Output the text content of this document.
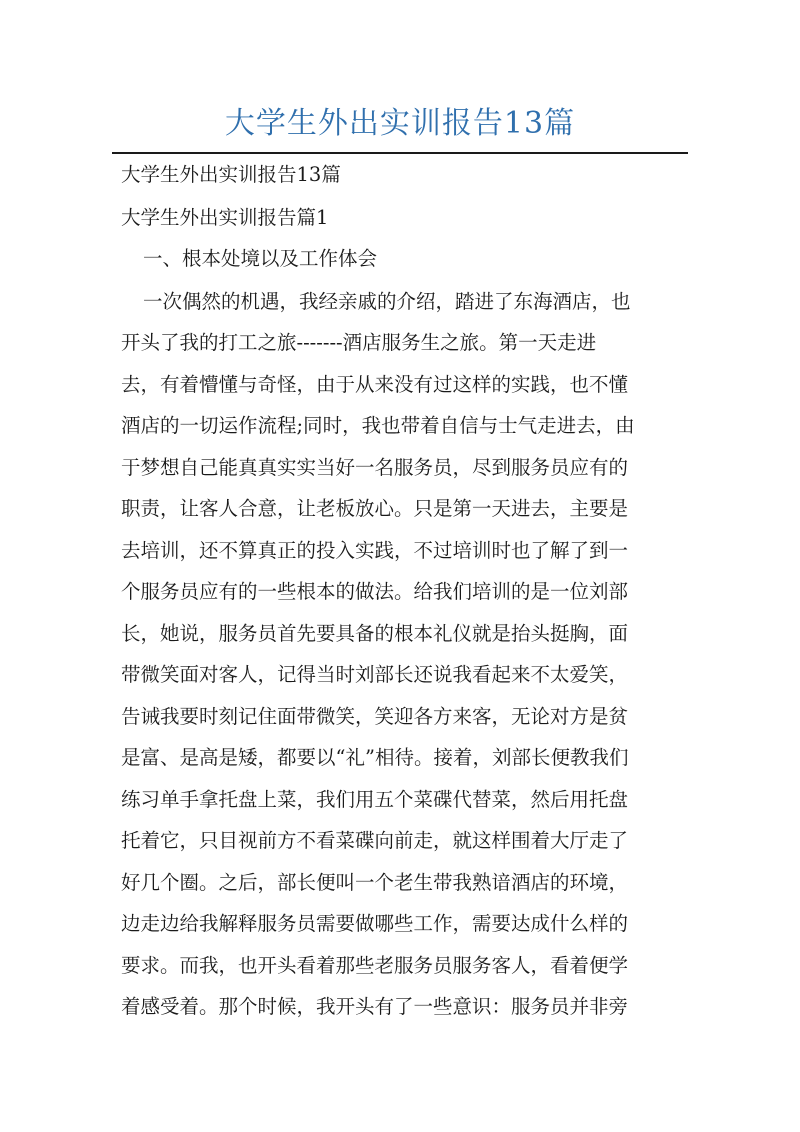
大学生外出实训报告13篇

大学生外出实训报告13篇

大学生外出实训报告篇1

一、根本处境以及工作体会

一次偶然的机遇，我经亲戚的介绍，踏进了东海酒店，也

开头了我的打工之旅-------酒店服务生之旅。第一天走进

去，有着懵懂与奇怪，由于从来没有过这样的实践，也不懂

酒店的一切运作流程;同时，我也带着自信与士气走进去，由

于梦想自己能真真实实当好一名服务员，尽到服务员应有的

职责，让客人合意，让老板放心。只是第一天进去，主要是

去培训，还不算真正的投入实践，不过培训时也了解了到一

个服务员应有的一些根本的做法。给我们培训的是一位刘部

长，她说，服务员首先要具备的根本礼仪就是抬头挺胸，面

带微笑面对客人，记得当时刘部长还说我看起来不太爱笑，

告诫我要时刻记住面带微笑，笑迎各方来客，无论对方是贫

是富、是高是矮，都要以“礼”相待。接着，刘部长便教我们

练习单手拿托盘上菜，我们用五个菜碟代替菜，然后用托盘

托着它，只目视前方不看菜碟向前走，就这样围着大厅走了

好几个圈。之后，部长便叫一个老生带我熟谙酒店的环境，

边走边给我解释服务员需要做哪些工作，需要达成什么样的

要求。而我，也开头看着那些老服务员服务客人，看着便学

着感受着。那个时候，我开头有了一些意识：服务员并非旁
